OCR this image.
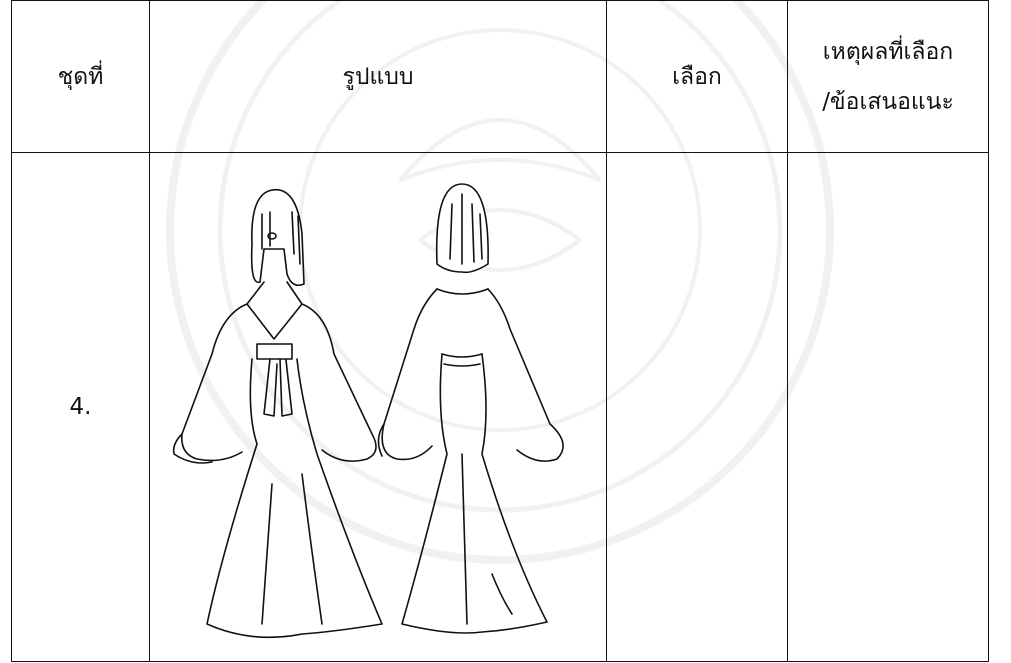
ชุดที่	รูปแบบ	เลือก	เหตุผลที่เลือก
/ข้อเสนอแนะ
4.	
